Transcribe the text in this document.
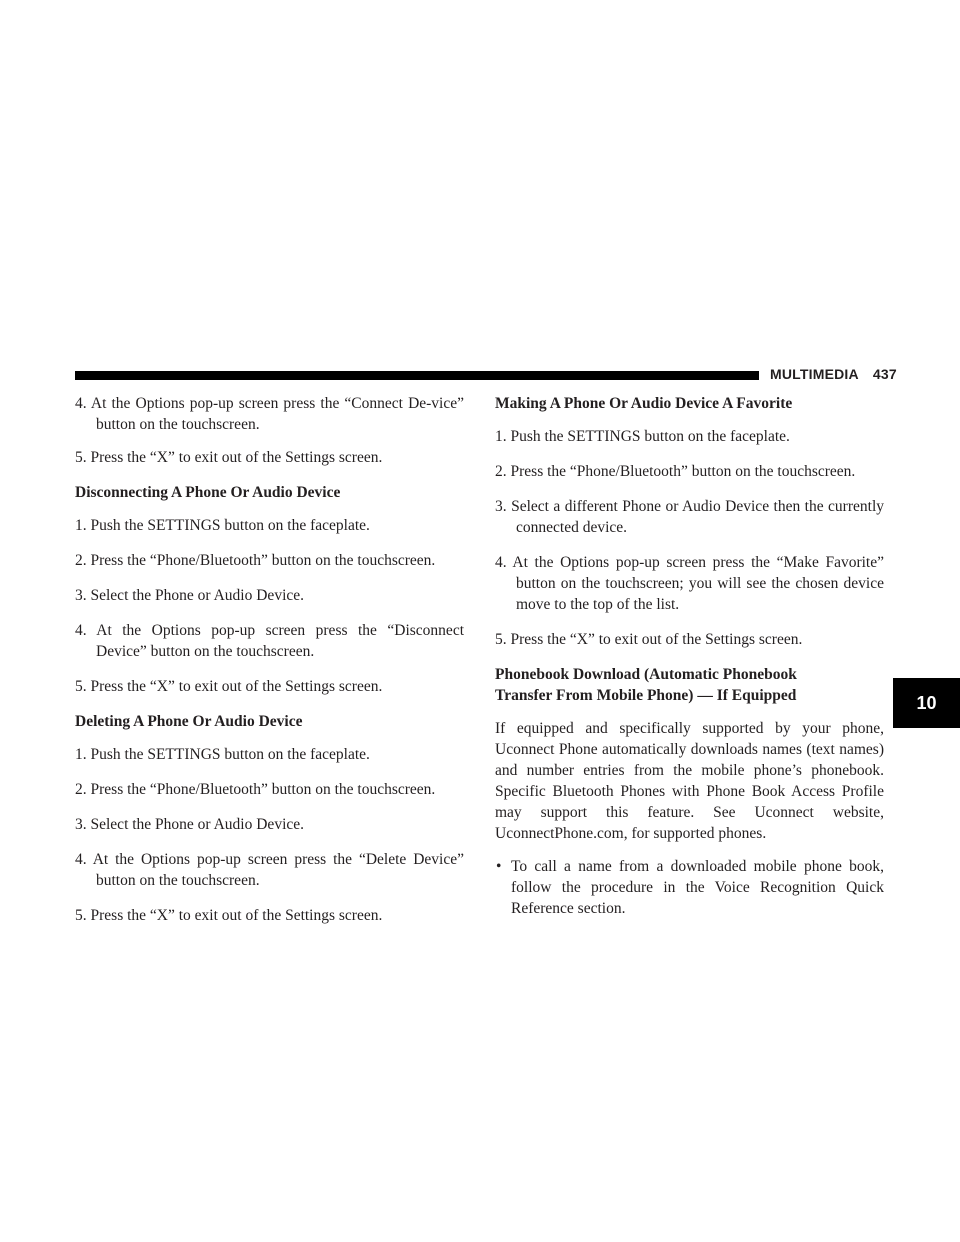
MULTIMEDIA 437
10

4. At the Options pop-up screen press the “Connect De-vice” button on the touchscreen.

5. Press the “X” to exit out of the Settings screen.

Disconnecting A Phone Or Audio Device

1. Push the SETTINGS button on the faceplate.

2. Press the “Phone/Bluetooth” button on the touchscreen.

3. Select the Phone or Audio Device.

4. At the Options pop-up screen press the “Disconnect Device” button on the touchscreen.

5. Press the “X” to exit out of the Settings screen.

Deleting A Phone Or Audio Device

1. Push the SETTINGS button on the faceplate.

2. Press the “Phone/Bluetooth” button on the touchscreen.

3. Select the Phone or Audio Device.

4. At the Options pop-up screen press the “Delete Device” button on the touchscreen.

5. Press the “X” to exit out of the Settings screen.

Making A Phone Or Audio Device A Favorite

1. Push the SETTINGS button on the faceplate.

2. Press the “Phone/Bluetooth” button on the touchscreen.

3. Select a different Phone or Audio Device then the currently connected device.

4. At the Options pop-up screen press the “Make Favorite” button on the touchscreen; you will see the chosen device move to the top of the list.

5. Press the “X” to exit out of the Settings screen.

Phonebook Download (Automatic Phonebook
Transfer From Mobile Phone) — If Equipped

If equipped and specifically supported by your phone, Uconnect Phone automatically downloads names (text names) and number entries from the mobile phone’s phonebook. Specific Bluetooth Phones with Phone Book Access Profile may support this feature. See Uconnect website, UconnectPhone.com, for supported phones.

• To call a name from a downloaded mobile phone book, follow the procedure in the Voice Recognition Quick Reference section.
